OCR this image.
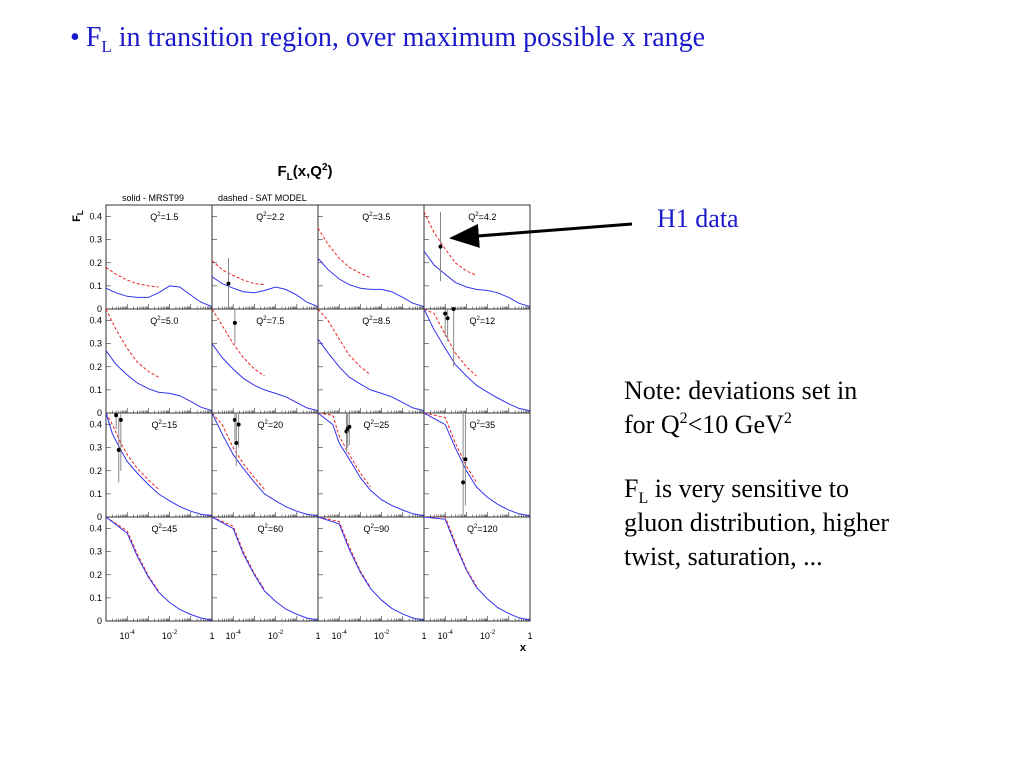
• $F_L$ in transition region, over maximum possible x range
$F_L(x,Q^2)$
solid - MRST99	dashed - SAT MODEL
$F_L$
x
0
0.1
0.2
0.3
0.4	$Q^2=1.5$	$Q^2=2.2$	$Q^2=3.5$	$Q^2=4.2$
0
0.1
0.2
0.3
0.4	$Q^2=5.0$	$Q^2=7.5$	$Q^2=8.5$	$Q^2=12$
0
0.1
0.2
0.3
0.4	$Q^2=15$	$Q^2=20$	$Q^2=25$	$Q^2=35$
0
0.1
0.2
0.3
0.4	$Q^2=45$	$Q^2=60$	$Q^2=90$	$Q^2=120$
$10^{-4}$	$10^{-2}$	1 $10^{-4}$	$10^{-2}$	1 $10^{-4}$	$10^{-2}$	1 $10^{-4}$	$10^{-2}$	1
H1 data
Note: deviations set in
for $Q^2<10$ GeV$^2$
$F_L$ is very sensitive to
gluon distribution, higher
twist, saturation, ...
